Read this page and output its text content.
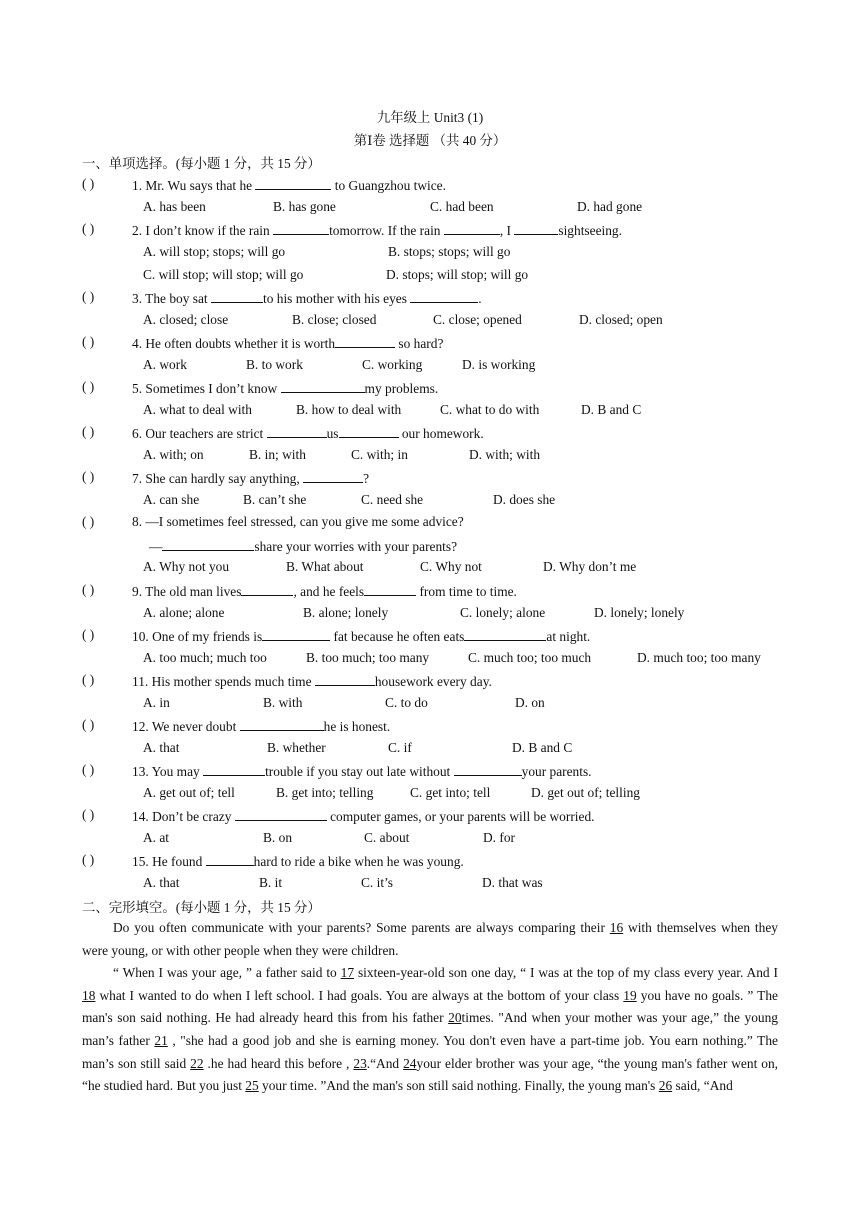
九年级上 Unit3 (1)
第Ⅰ卷 选择题 （共 40 分）
一、单项选择。(每小题 1 分，共 15 分）
( )	1. Mr. Wu says that he	to Guangzhou twice.
A. has been	B. has gone	C. had been	D. had gone
( )	2. I don’t know if the rain	tomorrow. If the rain	, I	sightseeing.
A. will stop; stops; will go	B. stops; stops; will go
C. will stop; will stop; will go	D. stops; will stop; will go
( )	3. The boy sat	to his mother with his eyes	.
A. closed; close	B. close; closed	C. close; opened	D. closed; open
( )	4. He often doubts whether it is worth	so hard?
A. work	B. to work	C. working	D. is working
( )	5. Sometimes I don’t know	my problems.
A. what to deal with	B. how to deal with	C. what to do with	D. B and C
( )	6. Our teachers are strict	us	our homework.
A. with; on	B. in; with	C. with; in	D. with; with
( )	7. She can hardly say anything,	?
A. can she	B. can’t she	C. need she	D. does she
( )	8. —I sometimes feel stressed, can you give me some advice?
—	share your worries with your parents?
A. Why not you	B. What about	C. Why not	D. Why don’t me
( )	9. The old man lives	, and he feels	from time to time.
A. alone; alone	B. alone; lonely	C. lonely; alone	D. lonely; lonely
( )	10. One of my friends is	fat because he often eats	at night.
A. too much; much too	B. too much; too many	C. much too; too much	D. much too; too many
( )	11. His mother spends much time	housework every day.
A. in	B. with	C. to do	D. on
( )	12. We never doubt	he is honest.
A. that	B. whether	C. if	D. B and C
( )	13. You may	trouble if you stay out late without	your parents.
A. get out of; tell	B. get into; telling	C. get into; tell	D. get out of; telling
( )	14. Don’t be crazy	computer games, or your parents will be worried.
A. at	B. on	C. about	D. for
( )	15. He found	hard to ride a bike when he was young.
A. that	B. it	C. it’s	D. that was
二、完形填空。(每小题 1 分，共 15 分）

Do you often communicate with your parents? Some parents are always comparing their 16 with themselves when they were young, or with other people when they were children.

“ When I was your age, ” a father said to 17 sixteen-year-old son one day, “ I was at the top of my class every year. And I 18 what I wanted to do when I left school. I had goals. You are always at the bottom of your class 19 you have no goals. ” The man's son said nothing. He had already heard this from his father 20times. "And when your mother was your age,” the young man’s father 21 , "she had a good job and she is earning money. You don't even have a part-time job. You earn nothing.” The man’s son still said 22 .he had heard this before , 23.“And 24your elder brother was your age, “the young man's father went on, “he studied hard. But you just 25 your time. ”And the man's son still said nothing. Finally, the young man's 26 said, “And
